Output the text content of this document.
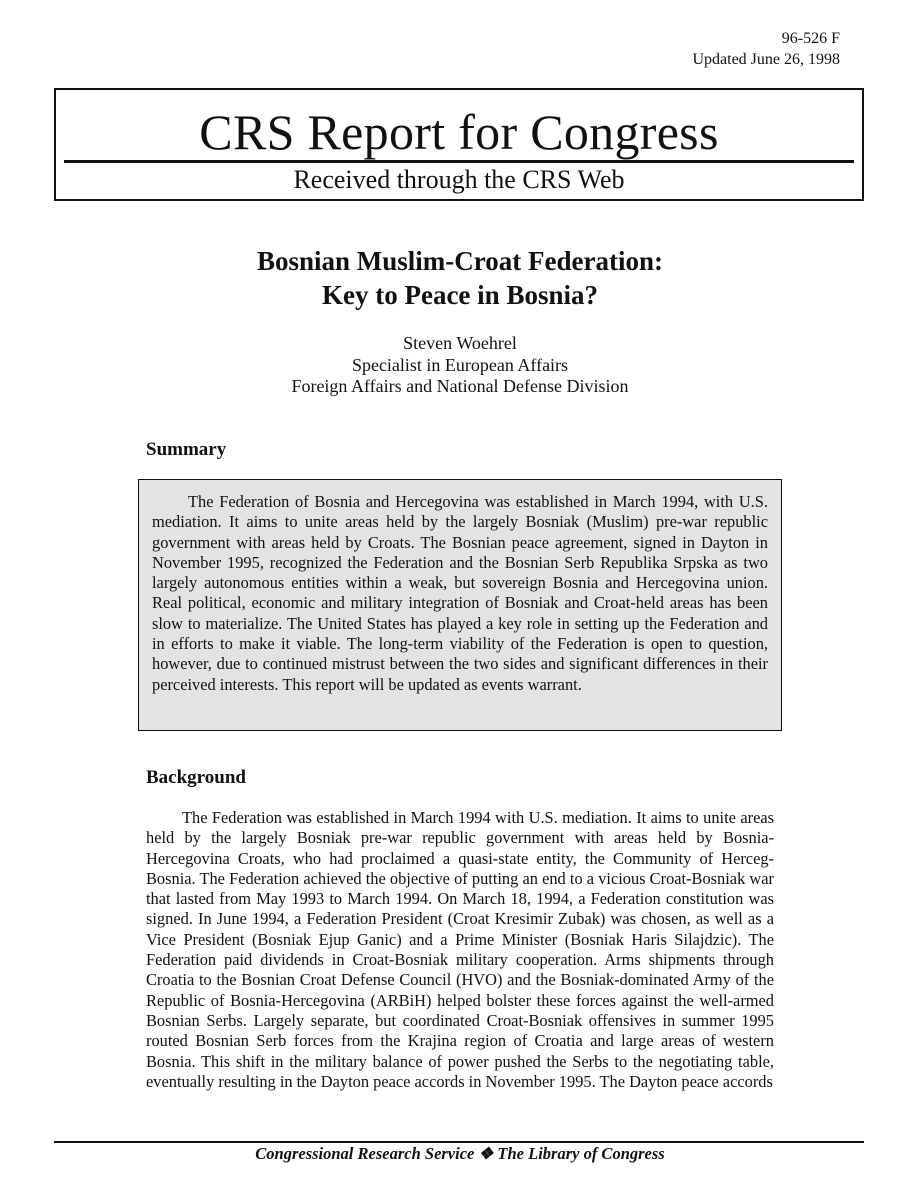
96-526 F
Updated June 26, 1998
CRS Report for Congress
Received through the CRS Web
Bosnian Muslim-Croat Federation:
Key to Peace in Bosnia?
Steven Woehrel
Specialist in European Affairs
Foreign Affairs and National Defense Division
Summary
The Federation of Bosnia and Hercegovina was established in March 1994, with U.S. mediation. It aims to unite areas held by the largely Bosniak (Muslim) pre-war republic government with areas held by Croats. The Bosnian peace agreement, signed in Dayton in November 1995, recognized the Federation and the Bosnian Serb Republika Srpska as two largely autonomous entities within a weak, but sovereign Bosnia and Hercegovina union. Real political, economic and military integration of Bosniak and Croat-held areas has been slow to materialize. The United States has played a key role in setting up the Federation and in efforts to make it viable. The long-term viability of the Federation is open to question, however, due to continued mistrust between the two sides and significant differences in their perceived interests. This report will be updated as events warrant.
Background
The Federation was established in March 1994 with U.S. mediation. It aims to unite areas held by the largely Bosniak pre-war republic government with areas held by Bosnia-Hercegovina Croats, who had proclaimed a quasi-state entity, the Community of Herceg-Bosnia. The Federation achieved the objective of putting an end to a vicious Croat-Bosniak war that lasted from May 1993 to March 1994. On March 18, 1994, a Federation constitution was signed. In June 1994, a Federation President (Croat Kresimir Zubak) was chosen, as well as a Vice President (Bosniak Ejup Ganic) and a Prime Minister (Bosniak Haris Silajdzic). The Federation paid dividends in Croat-Bosniak military cooperation. Arms shipments through Croatia to the Bosnian Croat Defense Council (HVO) and the Bosniak-dominated Army of the Republic of Bosnia-Hercegovina (ARBiH) helped bolster these forces against the well-armed Bosnian Serbs. Largely separate, but coordinated Croat-Bosniak offensives in summer 1995 routed Bosnian Serb forces from the Krajina region of Croatia and large areas of western Bosnia. This shift in the military balance of power pushed the Serbs to the negotiating table, eventually resulting in the Dayton peace accords in November 1995. The Dayton peace accords
Congressional Research Service ❖ The Library of Congress
